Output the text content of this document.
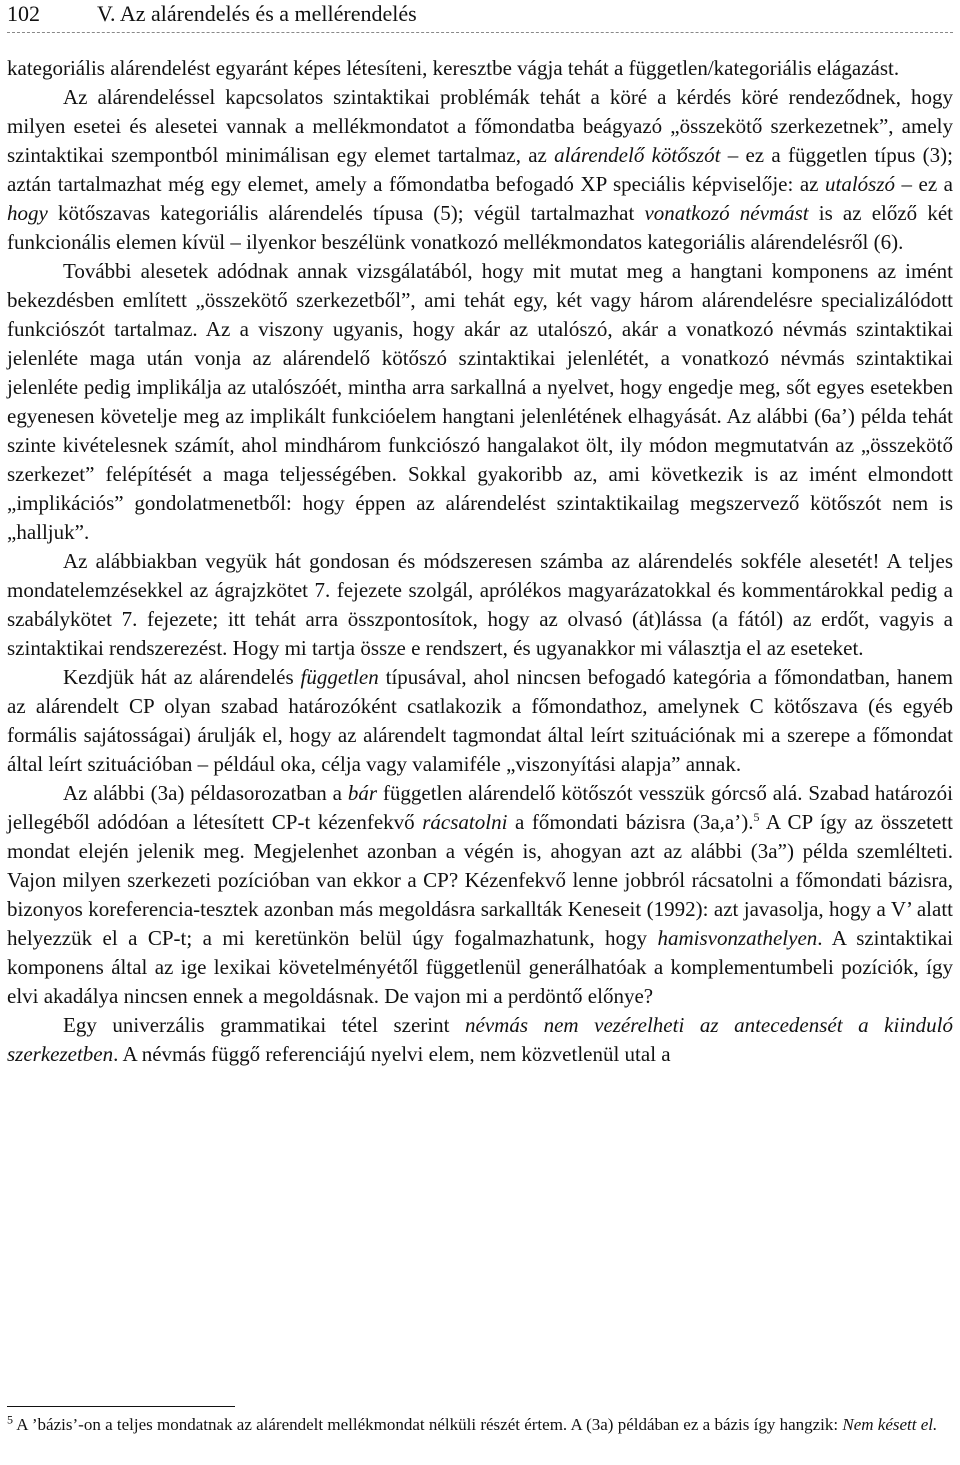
102	V. Az alárendelés és a mellérendelés

kategoriális alárendelést egyaránt képes létesíteni, keresztbe vágja tehát a független/kategoriális elágazást.

Az alárendeléssel kapcsolatos szintaktikai problémák tehát a köré a kérdés köré rendeződnek, hogy milyen esetei és alesetei vannak a mellékmondatot a főmondatba beágyazó „összekötő szerkezetnek”, amely szintaktikai szempontból minimálisan egy elemet tartalmaz, az alárendelő kötőszót – ez a független típus (3); aztán tartalmazhat még egy elemet, amely a főmondatba befogadó XP speciális képviselője: az utalószó – ez a hogy kötőszavas kategoriális alárendelés típusa (5); végül tartalmazhat vonatkozó névmást is az előző két funkcionális elemen kívül – ilyenkor beszélünk vonatkozó mellékmondatos kategoriális alárendelésről (6).

További alesetek adódnak annak vizsgálatából, hogy mit mutat meg a hangtani komponens az imént bekezdésben említett „összekötő szerkezetből”, ami tehát egy, két vagy három alárendelésre specializálódott funkciószót tartalmaz. Az a viszony ugyanis, hogy akár az utalószó, akár a vonatkozó névmás szintaktikai jelenléte maga után vonja az alárendelő kötőszó szintaktikai jelenlétét, a vonatkozó névmás szintaktikai jelenléte pedig implikálja az utalószóét, mintha arra sarkallná a nyelvet, hogy engedje meg, sőt egyes esetekben egyenesen követelje meg az implikált funkcióelem hangtani jelenlétének elhagyását. Az alábbi (6a’) példa tehát szinte kivételesnek számít, ahol mindhárom funkciószó hangalakot ölt, ily módon megmutatván az „összekötő szerkezet” felépítését a maga teljességében. Sokkal gyakoribb az, ami következik is az imént elmondott „implikációs” gondolatmenetből: hogy éppen az alárendelést szintaktikailag megszervező kötőszót nem is „halljuk”.

Az alábbiakban vegyük hát gondosan és módszeresen számba az alárendelés sokféle alesetét! A teljes mondatelemzésekkel az ágrajzkötet 7. fejezete szolgál, aprólékos magyarázatokkal és kommentárokkal pedig a szabálykötet 7. fejezete; itt tehát arra összpontosítok, hogy az olvasó (át)lássa (a fától) az erdőt, vagyis a szintaktikai rendszerezést. Hogy mi tartja össze e rendszert, és ugyanakkor mi választja el az eseteket.

Kezdjük hát az alárendelés független típusával, ahol nincsen befogadó kategória a főmondatban, hanem az alárendelt CP olyan szabad határozóként csatlakozik a főmondathoz, amelynek C kötőszava (és egyéb formális sajátosságai) árulják el, hogy az alárendelt tagmondat által leírt szituációnak mi a szerepe a főmondat által leírt szituációban – például oka, célja vagy valamiféle „viszonyítási alapja” annak.

Az alábbi (3a) példasorozatban a bár független alárendelő kötőszót vesszük górcső alá. Szabad határozói jellegéből adódóan a létesített CP-t kézenfekvő rácsatolni a főmondati bázisra (3a,a’).$^5$ A CP így az összetett mondat elején jelenik meg. Megjelenhet azonban a végén is, ahogyan azt az alábbi (3a”) példa szemlélteti. Vajon milyen szerkezeti pozícióban van ekkor a CP? Kézenfekvő lenne jobbról rácsatolni a főmondati bázisra, bizonyos koreferencia-tesztek azonban más megoldásra sarkallták Keneseit (1992): azt javasolja, hogy a V’ alatt helyezzük el a CP-t; a mi keretünkön belül úgy fogalmazhatunk, hogy hamisvonzathelyen. A szintaktikai komponens által az ige lexikai követelményétől függetlenül generálhatóak a komplementumbeli pozíciók, így elvi akadálya nincsen ennek a megoldásnak. De vajon mi a perdöntő előnye?

Egy univerzális grammatikai tétel szerint névmás nem vezérelheti az antecedensét a kiinduló szerkezetben. A névmás függő referenciájú nyelvi elem, nem közvetlenül utal a

$^5$ A ’bázis’-on a teljes mondatnak az alárendelt mellékmondat nélküli részét értem. A (3a) példában ez a bázis így hangzik: Nem késett el.
